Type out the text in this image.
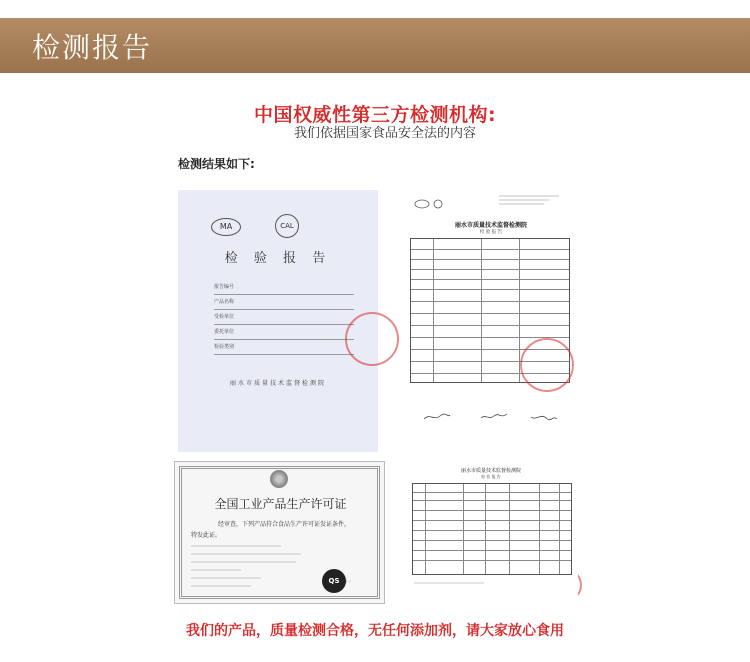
检测报告
中国权威性第三方检测机构:
我们依据国家食品安全法的内容
检测结果如下:
MA	CAL
检 验 报 告
报告编号
产品名称
受检单位
委托单位
检验类别
丽水市质量技术监督检测院
丽水市质量技术监督检测院
检 验 报 告
全国工业产品生产许可证
经审查，下列产品符合食品生产许可证发证条件，
特发此证。
QS
二〇一
丽水市质量技术监督检测院
检 验 报 告
我们的产品，质量检测合格，无任何添加剂，请大家放心食用
